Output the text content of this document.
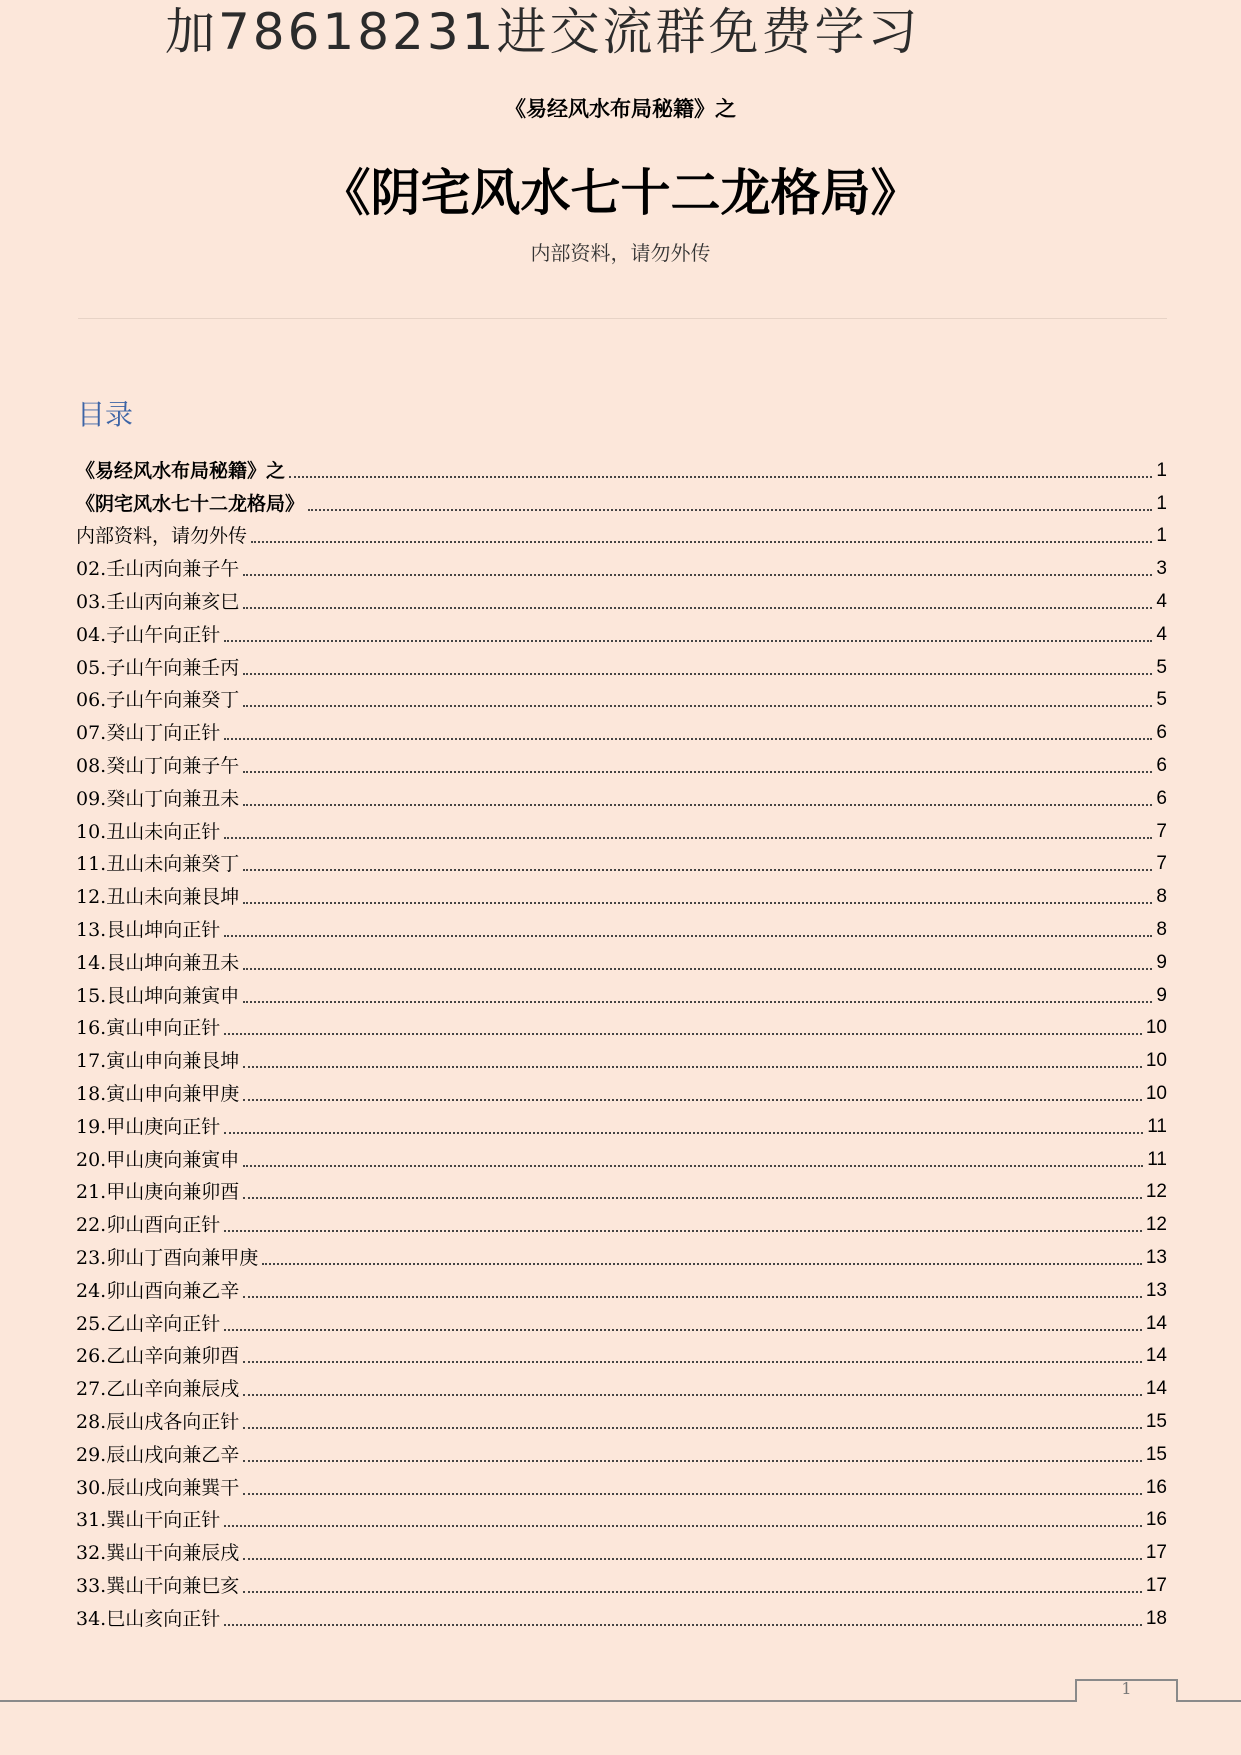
加78618231进交流群免费学习
《易经风水布局秘籍》之
《阴宅风水七十二龙格局》
内部资料，请勿外传
目录
《易经风水布局秘籍》之	1
《阴宅风水七十二龙格局》	1
内部资料，请勿外传	1
02.壬山丙向兼子午	3
03.壬山丙向兼亥巳	4
04.子山午向正针	4
05.子山午向兼壬丙	5
06.子山午向兼癸丁	5
07.癸山丁向正针	6
08.癸山丁向兼子午	6
09.癸山丁向兼丑未	6
10.丑山未向正针	7
11.丑山未向兼癸丁	7
12.丑山未向兼艮坤	8
13.艮山坤向正针	8
14.艮山坤向兼丑未	9
15.艮山坤向兼寅申	9
16.寅山申向正针	10
17.寅山申向兼艮坤	10
18.寅山申向兼甲庚	10
19.甲山庚向正针	11
20.甲山庚向兼寅申	11
21.甲山庚向兼卯酉	12
22.卯山酉向正针	12
23.卯山丁酉向兼甲庚	13
24.卯山酉向兼乙辛	13
25.乙山辛向正针	14
26.乙山辛向兼卯酉	14
27.乙山辛向兼辰戌	14
28.辰山戌各向正针	15
29.辰山戌向兼乙辛	15
30.辰山戌向兼巽干	16
31.巽山干向正针	16
32.巽山干向兼辰戌	17
33.巽山干向兼巳亥	17
34.巳山亥向正针	18
1
